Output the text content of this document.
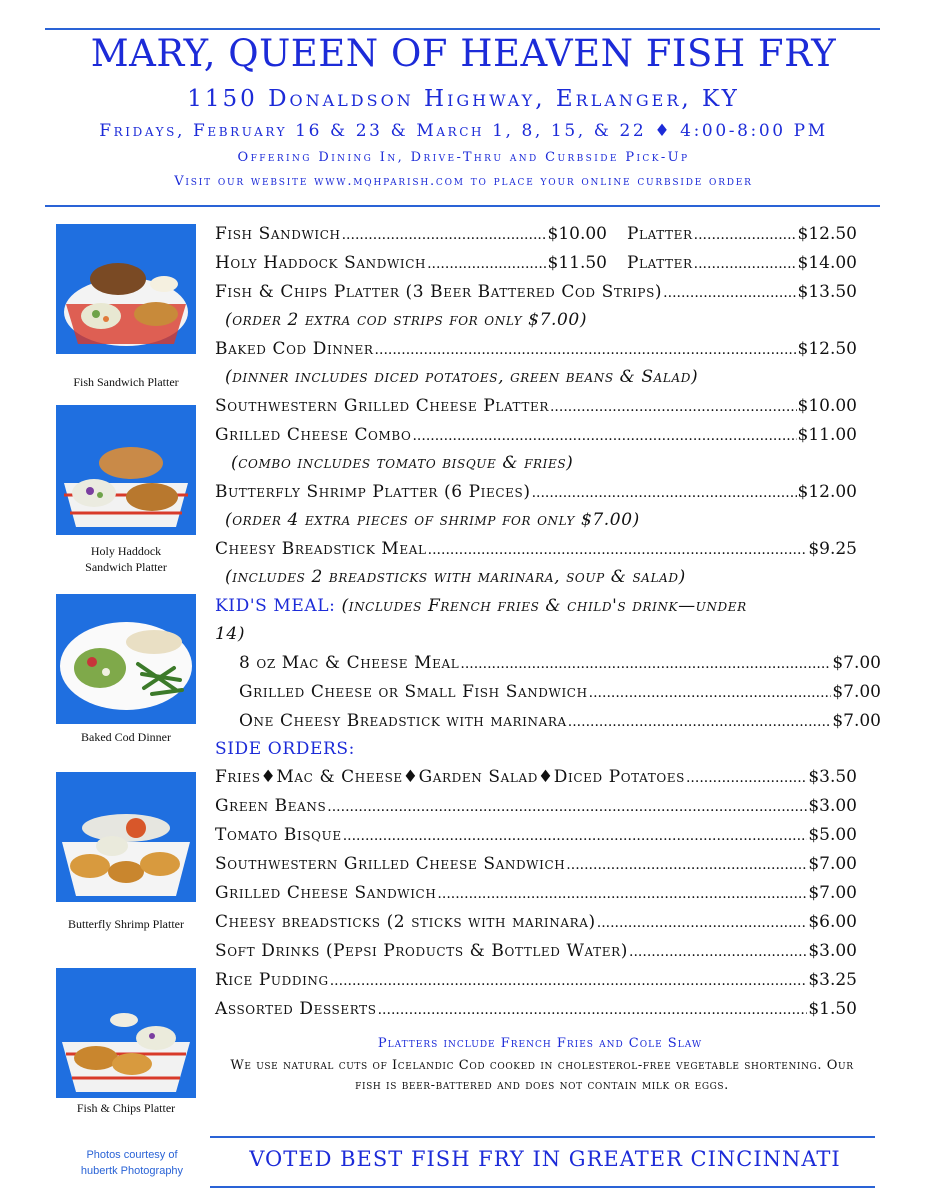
MARY, QUEEN OF HEAVEN FISH FRY
1150 Donaldson Highway, Erlanger, KY
Fridays, February 16 & 23 & March 1, 8, 15, & 22 ♦ 4:00-8:00 PM
Offering Dining In, Drive-Thru and Curbside Pick-Up
Visit our website www.mqhparish.com to place your online curbside order
Fish Sandwich Platter
Holy Haddock Sandwich Platter
Baked Cod Dinner
Butterfly Shrimp Platter
Fish & Chips Platter
Fish Sandwich .....	$10.00 Platter .....	$12.50
Holy Haddock Sandwich .....	$11.50 Platter .....	$14.00
Fish & Chips Platter (3 Beer Battered Cod Strips) .....	$13.50
(order 2 extra cod strips for only $7.00)
Baked Cod Dinner .....	$12.50
(dinner includes diced potatoes, green beans & Salad)
Southwestern Grilled Cheese Platter .....	$10.00
Grilled Cheese Combo .....	$11.00
(combo includes tomato bisque & fries)
Butterfly Shrimp Platter (6 Pieces) .....	$12.00
(order 4 extra pieces of shrimp for only $7.00)
Cheesy Breadstick Meal .....	$9.25
(includes 2 breadsticks with marinara, soup & salad)
KID'S MEAL: (includes French fries & child's drink—under
14)
8 oz Mac & Cheese Meal .....	$7.00
Grilled Cheese or Small Fish Sandwich .....	$7.00
One Cheesy Breadstick with marinara .....	$7.00
SIDE ORDERS:
Fries♦Mac & Cheese♦Garden Salad♦Diced Potatoes .....	$3.50
Green Beans .....	$3.00
Tomato Bisque .....	$5.00
Southwestern Grilled Cheese Sandwich .....	$7.00
Grilled Cheese Sandwich .....	$7.00
Cheesy breadsticks (2 sticks with marinara) .....	$6.00
Soft Drinks (Pepsi Products & Bottled Water) .....	$3.00
Rice Pudding .....	$3.25
Assorted Desserts .....	$1.50
Platters include French Fries and Cole Slaw
We use natural cuts of Icelandic Cod cooked in cholesterol-free vegetable shortening. Our fish is beer-battered and does not contain milk or eggs.
Photos courtesy of
hubertk Photography	VOTED BEST FISH FRY IN GREATER CINCINNATI
